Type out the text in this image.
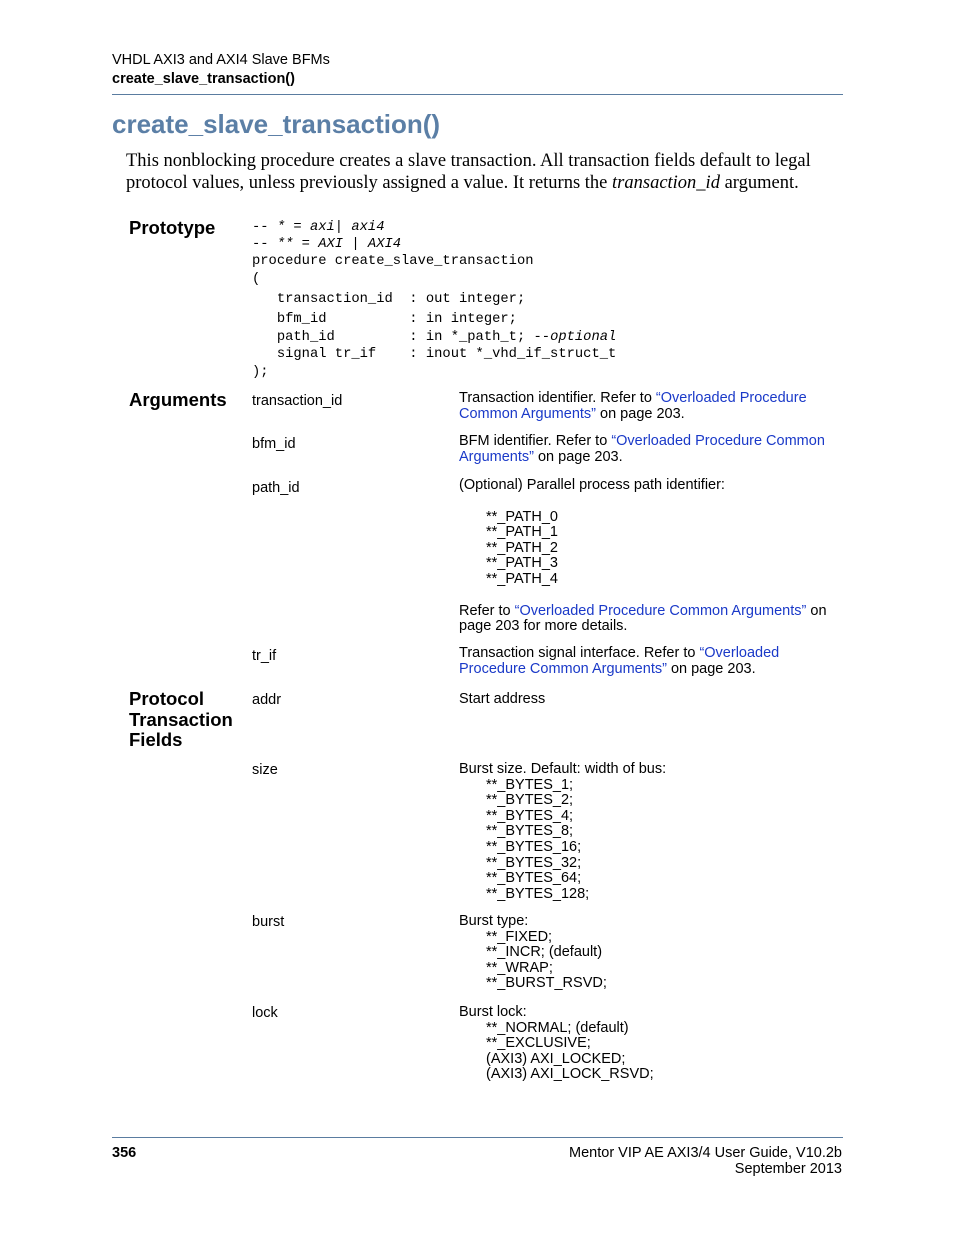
VHDL AXI3 and AXI4 Slave BFMs
create_slave_transaction()
create_slave_transaction()
This nonblocking procedure creates a slave transaction. All transaction fields default to legal protocol values, unless previously assigned a value. It returns the transaction_id argument.
Prototype
Arguments
Protocol
Transaction
Fields
-- * = axi| axi4
-- ** = AXI | AXI4
procedure create_slave_transaction
(
transaction_id  : out integer;
bfm_id          : in integer;
path_id         : in *_path_t; --optional
signal tr_if    : inout *_vhd_if_struct_t
);
transaction_id	Transaction identifier. Refer to “Overloaded Procedure Common Arguments” on page 203.
bfm_id	BFM identifier. Refer to “Overloaded Procedure Common Arguments” on page 203.
path_id	(Optional) Parallel process path identifier:
**_PATH_0
**_PATH_1
**_PATH_2
**_PATH_3
**_PATH_4
Refer to “Overloaded Procedure Common Arguments” on page 203 for more details.
tr_if	Transaction signal interface. Refer to “Overloaded Procedure Common Arguments” on page 203.
addr	Start address
size	Burst size. Default: width of bus:
**_BYTES_1;
**_BYTES_2;
**_BYTES_4;
**_BYTES_8;
**_BYTES_16;
**_BYTES_32;
**_BYTES_64;
**_BYTES_128;
burst	Burst type:
**_FIXED;
**_INCR; (default)
**_WRAP;
**_BURST_RSVD;
lock	Burst lock:
**_NORMAL; (default)
**_EXCLUSIVE;
(AXI3) AXI_LOCKED;
(AXI3) AXI_LOCK_RSVD;
356	Mentor VIP AE AXI3/4 User Guide, V10.2b
September 2013
